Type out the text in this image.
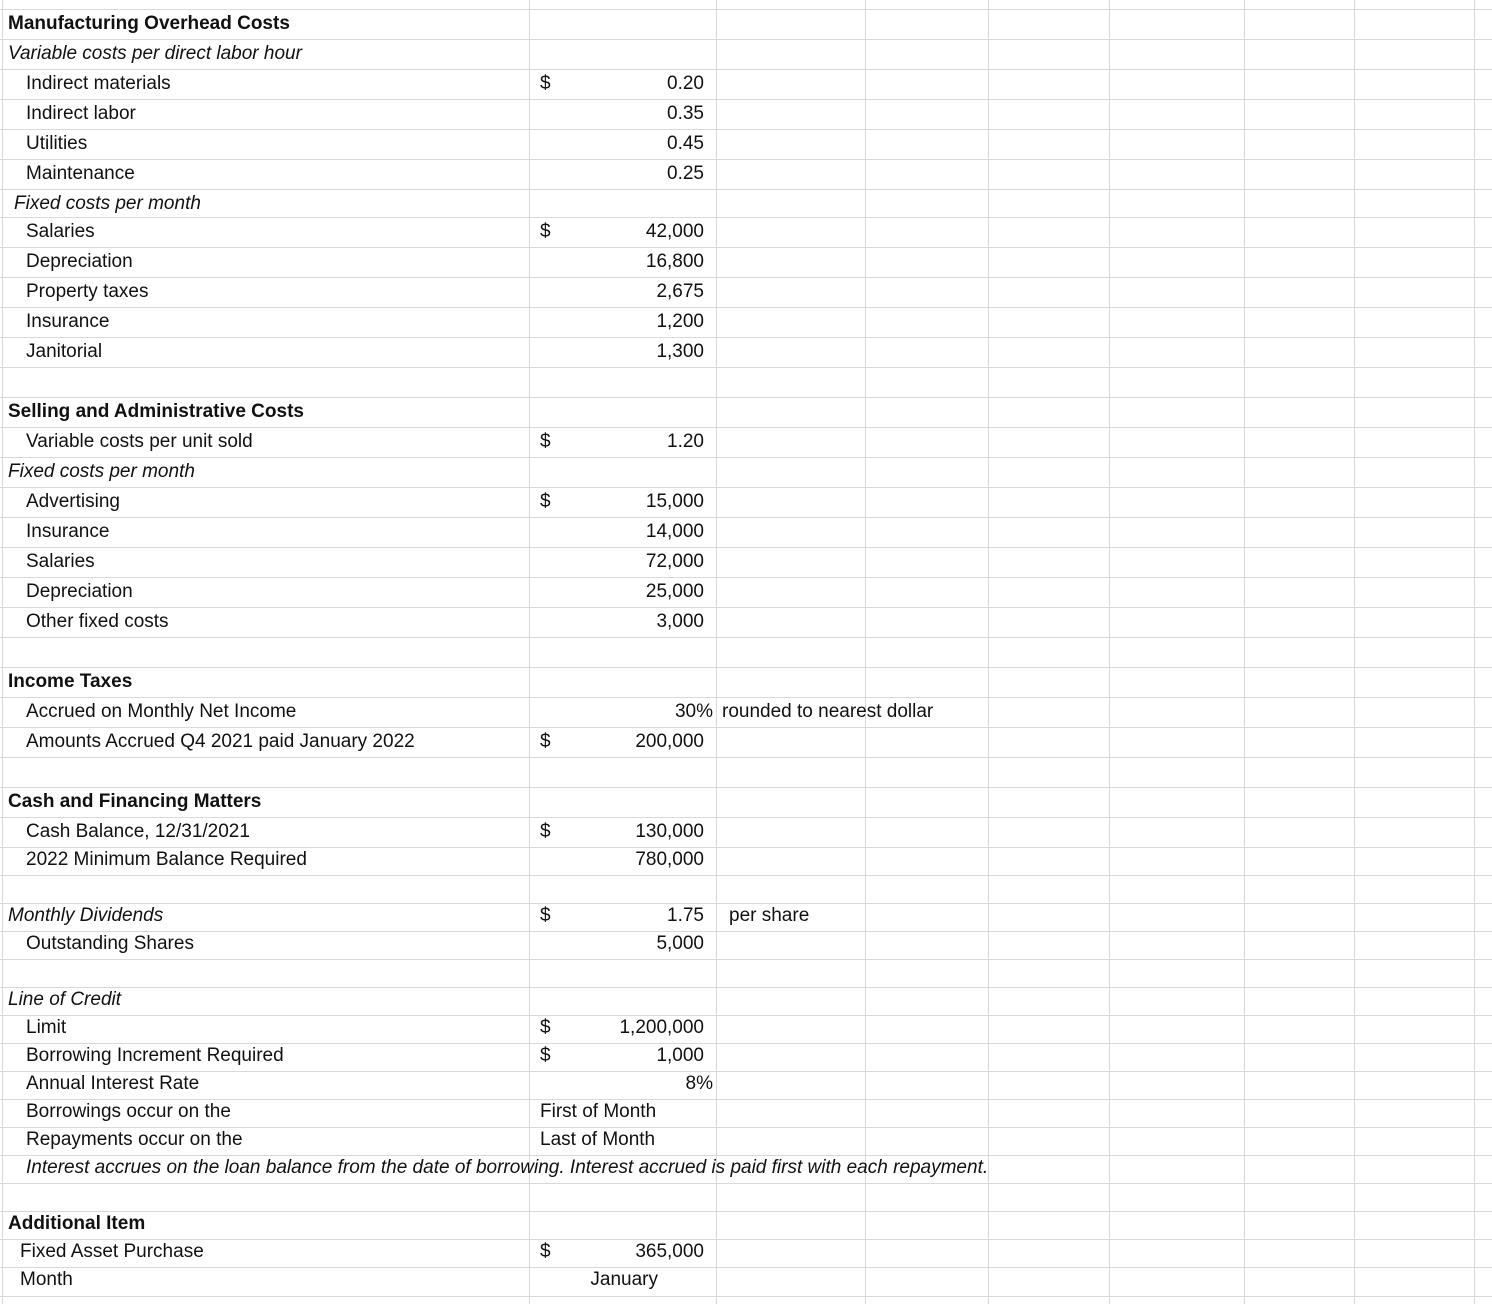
Manufacturing Overhead Costs
Variable costs per direct labor hour
Indirect materials	$	0.20
Indirect labor	0.35
Utilities	0.45
Maintenance	0.25
Fixed costs per month
Salaries	$	42,000
Depreciation	16,800
Property taxes	2,675
Insurance	1,200
Janitorial	1,300
Selling and Administrative Costs
Variable costs per unit sold	$	1.20
Fixed costs per month
Advertising	$	15,000
Insurance	14,000
Salaries	72,000
Depreciation	25,000
Other fixed costs	3,000
Income Taxes
Accrued on Monthly Net Income	30% rounded to nearest dollar
Amounts Accrued Q4 2021 paid January 2022	$	200,000
Cash and Financing Matters
Cash Balance, 12/31/2021	$	130,000
2022 Minimum Balance Required	780,000
Monthly Dividends	$	1.75 per share
Outstanding Shares	5,000
Line of Credit
Limit	$	1,200,000
Borrowing Increment Required	$	1,000
Annual Interest Rate	8%
Borrowings occur on the	First of Month
Repayments occur on the	Last of Month
Interest accrues on the loan balance from the date of borrowing. Interest accrued is paid first with each repayment.
Additional Item
Fixed Asset Purchase	$	365,000
Month	January
